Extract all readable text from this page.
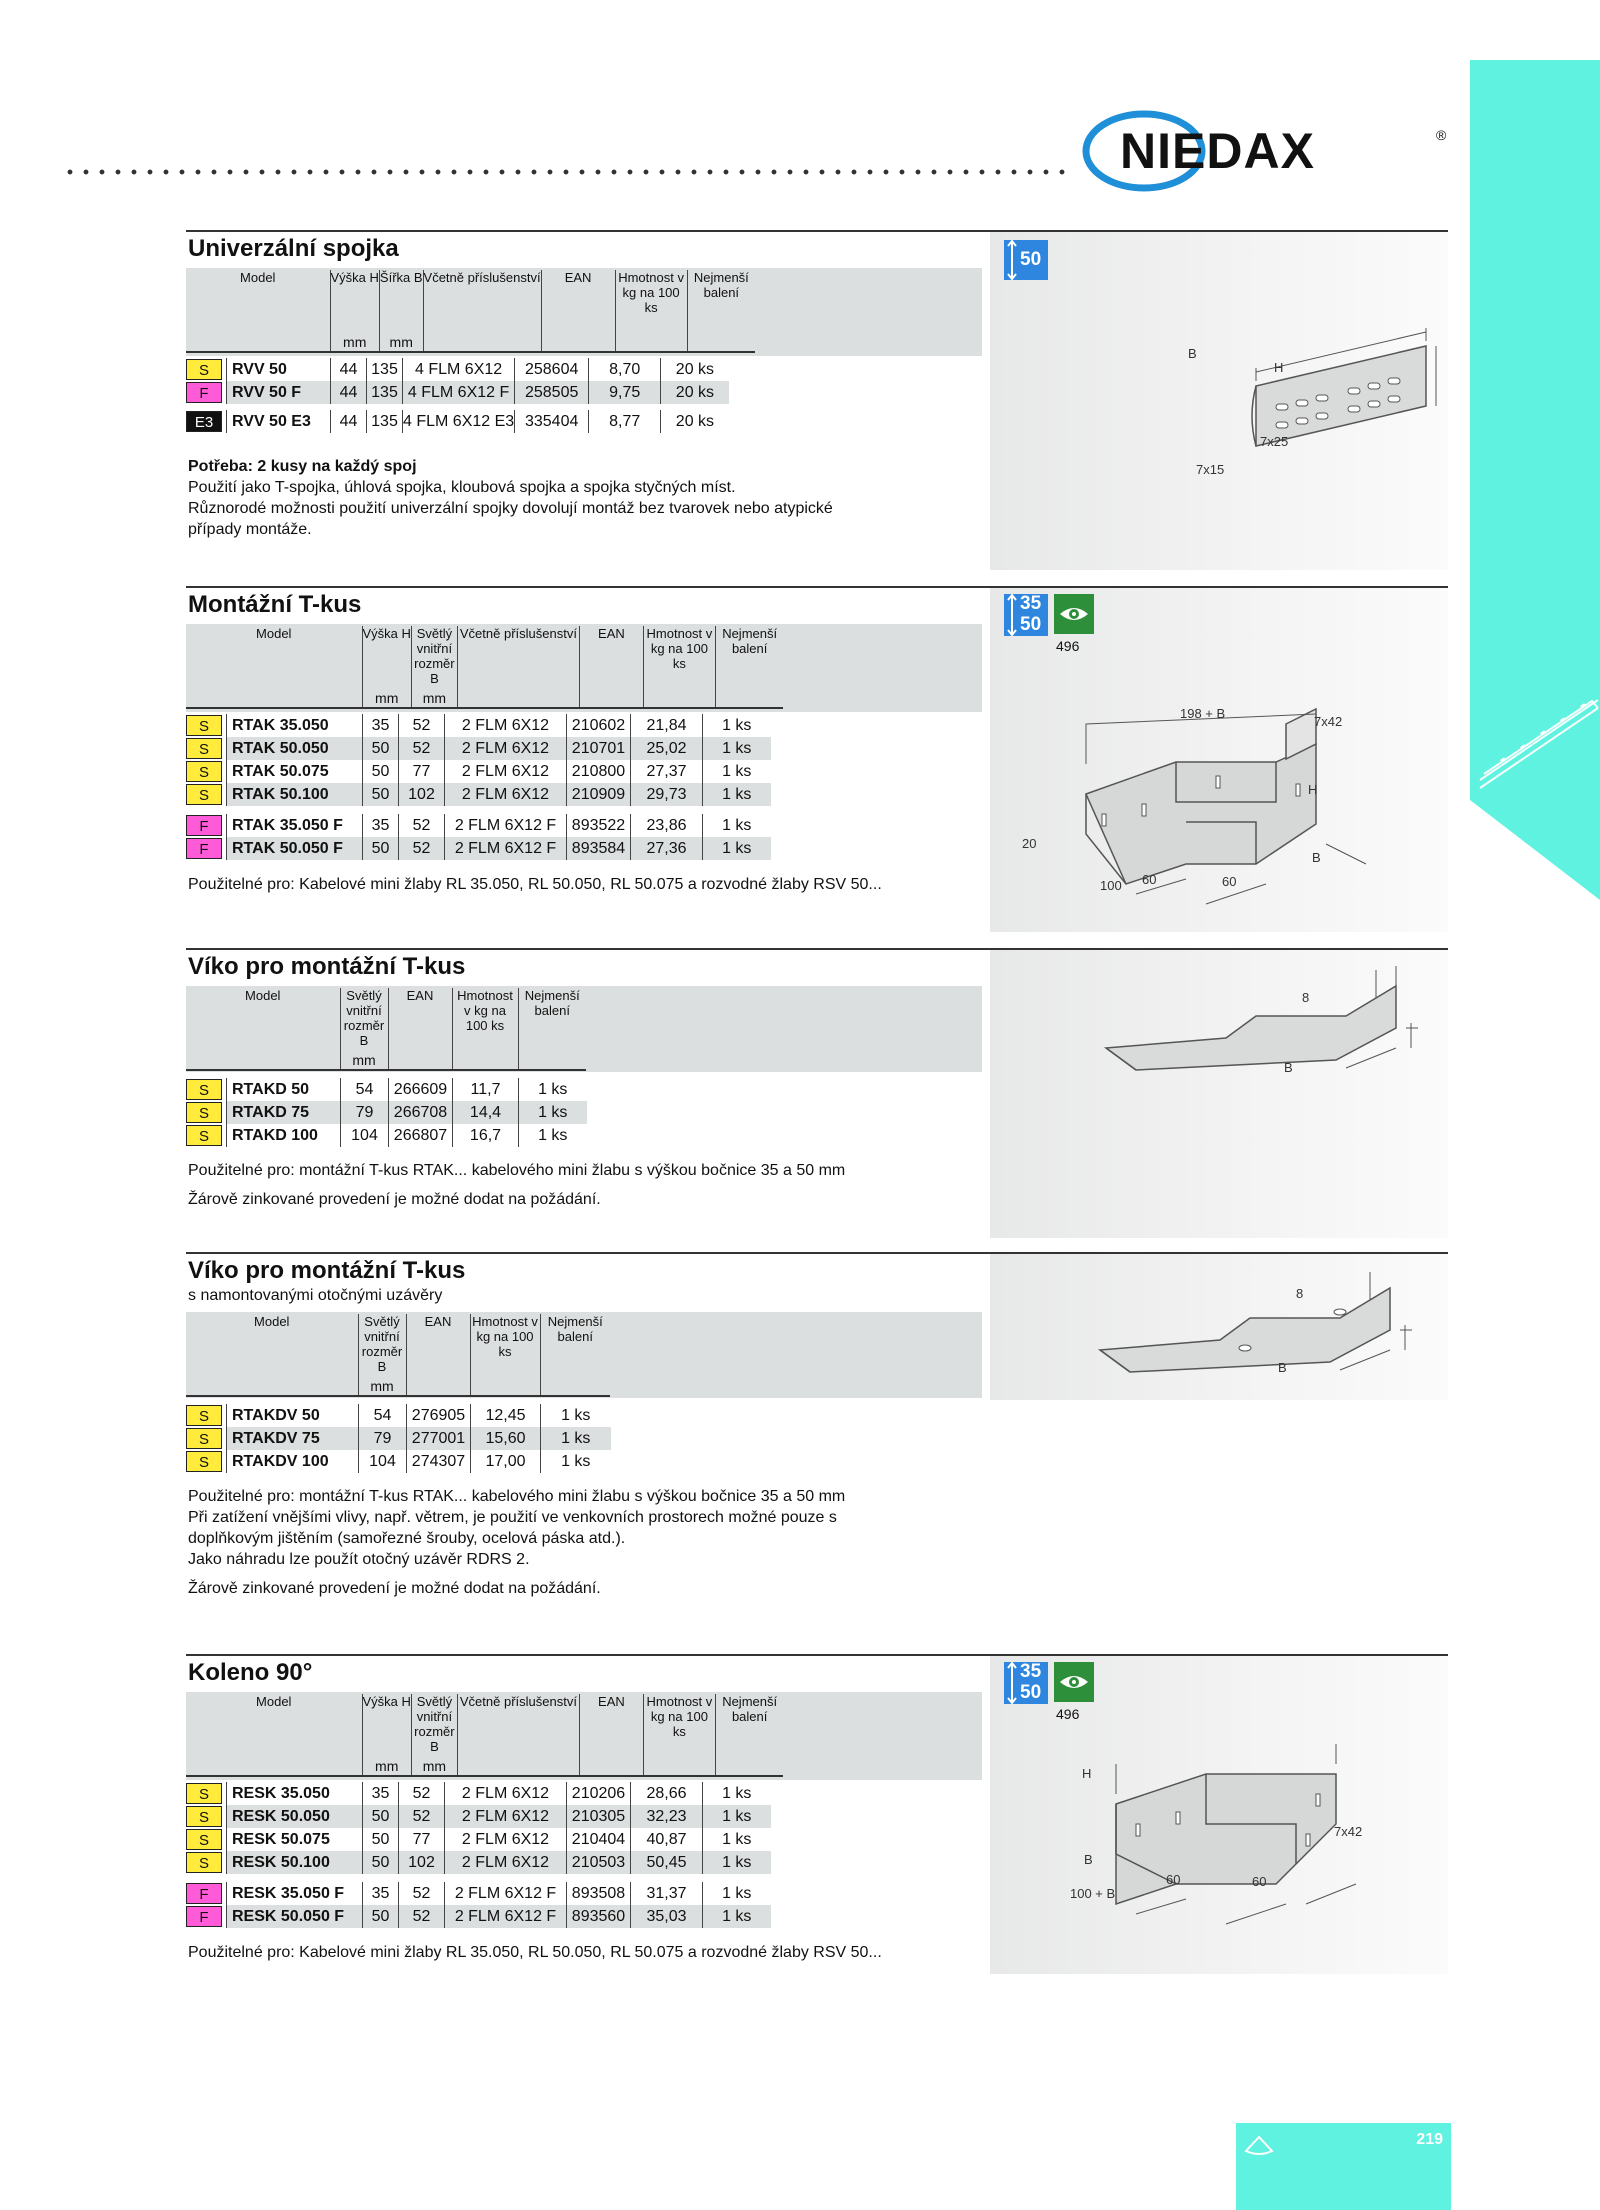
NIEDAX	®
Univerzální spojka
Model	Výška H	Šířka B	Včetně příslušenství	EAN	Hmotnost v kg na 100 ks	Nejmenší balení
	mm	mm				

S	RVV 50	44	135	4 FLM 6X12	258604	8,70	20 ks

F	RVV 50 F	44	135	4 FLM 6X12 F	258505	9,75	20 ks

E3	RVV 50 E3	44	135	4 FLM 6X12 E3	335404	8,77	20 ks

Potřeba: 2 kusy na každý spoj

Použití jako T-spojka, úhlová spojka, kloubová spojka a spojka styčných míst.

Různorodé možnosti použití univerzální spojky dovolují montáž bez tvarovek nebo atypické

případy montáže.

50
B
H
7x25
7x15
Montážní T-kus
Model	Výška H	Světlý vnitřní rozměr B	Včetně příslušenství	EAN	Hmotnost v kg na 100 ks	Nejmenší balení
	mm	mm				
S	RTAK 35.050	35	52	2 FLM 6X12	210602	21,84	1 ks

S	RTAK 50.050	50	52	2 FLM 6X12	210701	25,02	1 ks

S	RTAK 50.075	50	77	2 FLM 6X12	210800	27,37	1 ks

S	RTAK 50.100	50	102	2 FLM 6X12	210909	29,73	1 ks

F	RTAK 35.050 F	35	52	2 FLM 6X12 F	893522	23,86	1 ks

F	RTAK 50.050 F	50	52	2 FLM 6X12 F	893584	27,36	1 ks

Použitelné pro: Kabelové mini žlaby RL 35.050, RL 50.050, RL 50.075 a rozvodné žlaby RSV 50...

35
50
496
198 + B
7x42
H
20
B
100 60	60
Víko pro montážní T-kus
Model	Světlý vnitřní rozměr B	EAN	Hmotnost v kg na 100 ks	Nejmenší balení
	mm			
S	RTAKD 50	54	266609	11,7	1 ks

S	RTAKD 75	79	266708	14,4	1 ks

S	RTAKD 100	104	266807	16,7	1 ks

Použitelné pro: montážní T-kus RTAK... kabelového mini žlabu s výškou bočnice 35 a 50 mm

Žárově zinkované provedení je možné dodat na požádání.

8
B
Víko pro montážní T-kus
s namontovanými otočnými uzávěry
Model	Světlý vnitřní rozměr B	EAN	Hmotnost v kg na 100 ks	Nejmenší balení
	mm			
S	RTAKDV 50	54	276905	12,45	1 ks

S	RTAKDV 75	79	277001	15,60	1 ks

S	RTAKDV 100	104	274307	17,00	1 ks

Použitelné pro: montážní T-kus RTAK... kabelového mini žlabu s výškou bočnice 35 a 50 mm

Při zatížení vnějšími vlivy, např. větrem, je použití ve venkovních prostorech možné pouze s

doplňkovým jištěním (samořezné šrouby, ocelová páska atd.).

Jako náhradu lze použít otočný uzávěr RDRS 2.

Žárově zinkované provedení je možné dodat na požádání.

8
B
Koleno 90°
Model	Výška H	Světlý vnitřní rozměr B	Včetně příslušenství	EAN	Hmotnost v kg na 100 ks	Nejmenší balení
	mm	mm				
S	RESK 35.050	35	52	2 FLM 6X12	210206	28,66	1 ks

S	RESK 50.050	50	52	2 FLM 6X12	210305	32,23	1 ks

S	RESK 50.075	50	77	2 FLM 6X12	210404	40,87	1 ks

S	RESK 50.100	50	102	2 FLM 6X12	210503	50,45	1 ks

F	RESK 35.050 F	35	52	2 FLM 6X12 F	893508	31,37	1 ks

F	RESK 50.050 F	50	52	2 FLM 6X12 F	893560	35,03	1 ks

Použitelné pro: Kabelové mini žlaby RL 35.050, RL 50.050, RL 50.075 a rozvodné žlaby RSV 50...

35
50
496
H
7x42
B
100 + B
60	60
219
